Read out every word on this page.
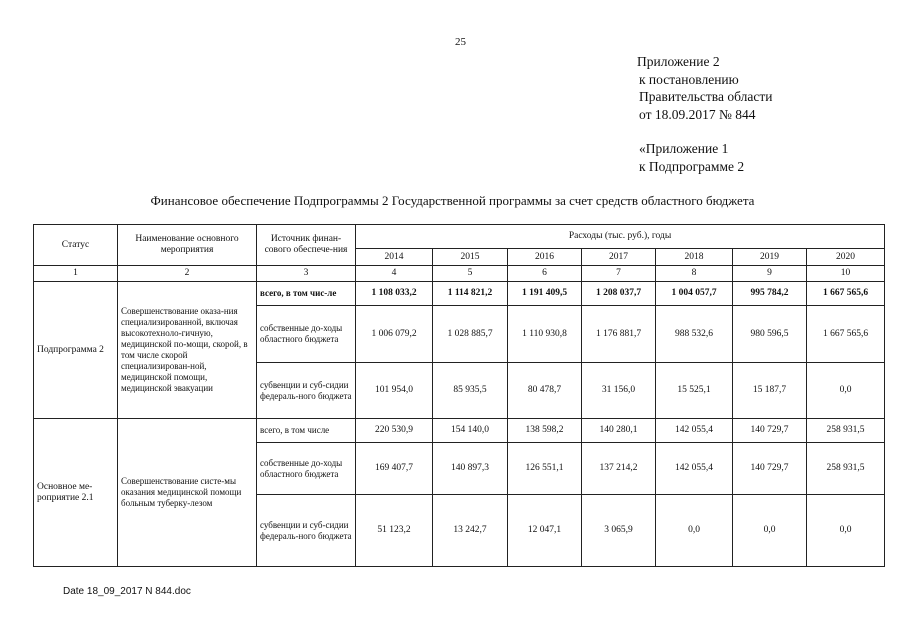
25
Приложение 2
к постановлению
Правительства области
от 18.09.2017 № 844
«Приложение 1
к Подпрограмме 2
Финансовое обеспечение Подпрограммы 2 Государственной программы за счет средств областного бюджета
Статус	Наименование основного мероприятия	Источник финан-сового обеспече-ния	Расходы (тыс. руб.), годы						
			2014	2015	2016	2017	2018	2019	2020
1	2	3	4	5	6	7	8	9	10
Подпрограмма 2	Совершенствование оказа-ния специализированной, включая высокотехноло-гичную, медицинской по-мощи, скорой, в том числе скорой специализирован-ной, медицинской помощи, медицинской эвакуации	всего, в том чис-ле	1 108 033,2	1 114 821,2	1 191 409,5	1 208 037,7	1 004 057,7	995 784,2	1 667 565,6
		собственные до-ходы областного бюджета	1 006 079,2	1 028 885,7	1 110 930,8	1 176 881,7	988 532,6	980 596,5	1 667 565,6
		субвенции и суб-сидии федераль-ного бюджета	101 954,0	85 935,5	80 478,7	31 156,0	15 525,1	15 187,7	0,0
Основное ме-роприятие 2.1	Совершенствование систе-мы оказания медицинской помощи больным туберку-лезом	всего, в том числе	220 530,9	154 140,0	138 598,2	140 280,1	142 055,4	140 729,7	258 931,5
		собственные до-ходы областного бюджета	169 407,7	140 897,3	126 551,1	137 214,2	142 055,4	140 729,7	258 931,5
		субвенции и суб-сидии федераль-ного бюджета	51 123,2	13 242,7	12 047,1	3 065,9	0,0	0,0	0,0
Date 18_09_2017 N 844.doc
